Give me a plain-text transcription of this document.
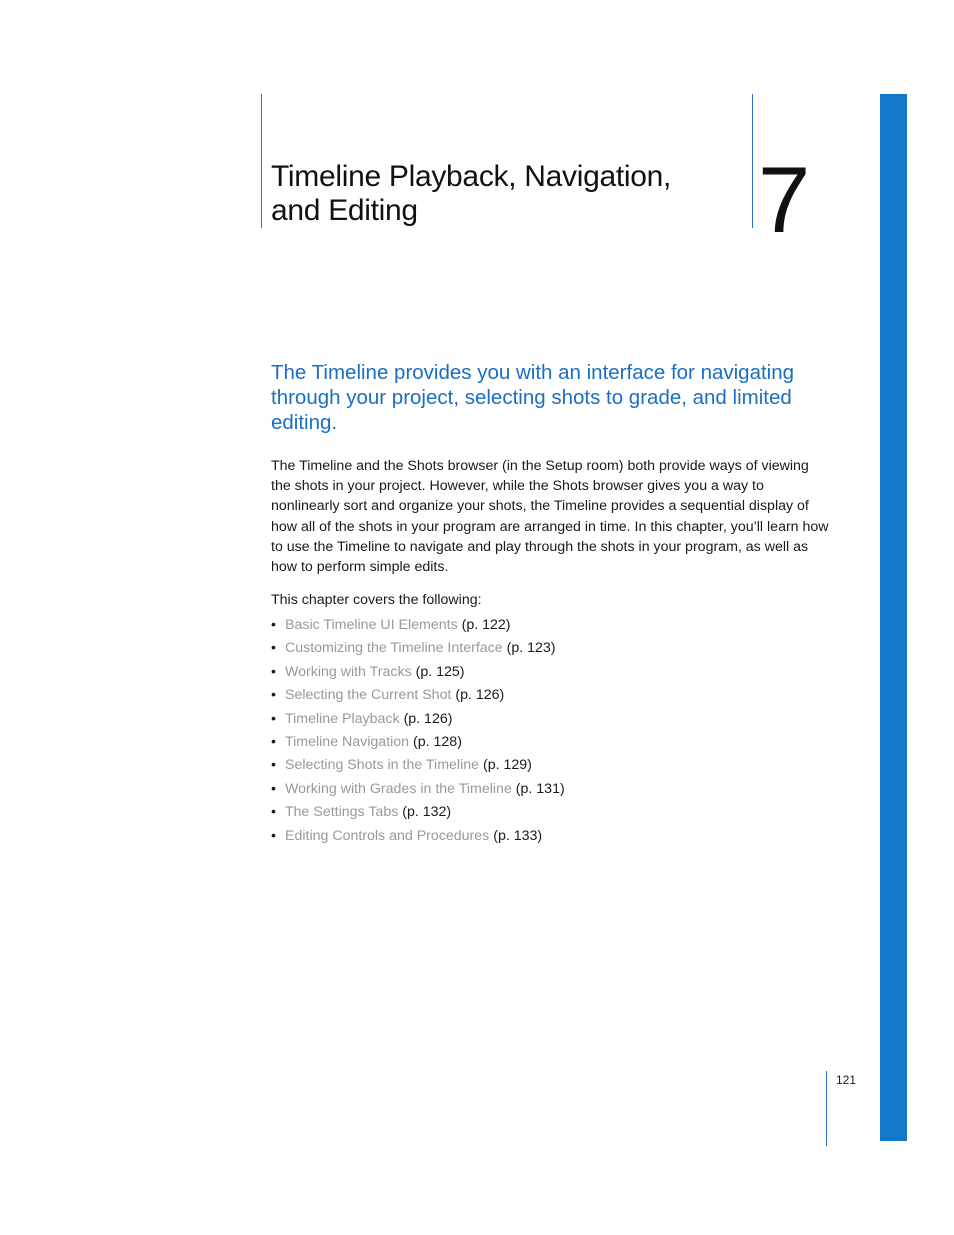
Timeline Playback, Navigation,
and Editing	7
The Timeline provides you with an interface for navigating through your project, selecting shots to grade, and limited editing.
The Timeline and the Shots browser (in the Setup room) both provide ways of viewing the shots in your project. However, while the Shots browser gives you a way to nonlinearly sort and organize your shots, the Timeline provides a sequential display of how all of the shots in your program are arranged in time. In this chapter, you’ll learn how to use the Timeline to navigate and play through the shots in your program, as well as how to perform simple edits.
This chapter covers the following:
• Basic Timeline UI Elements (p. 122)
• Customizing the Timeline Interface (p. 123)
• Working with Tracks (p. 125)
• Selecting the Current Shot (p. 126)
• Timeline Playback (p. 126)
• Timeline Navigation (p. 128)
• Selecting Shots in the Timeline (p. 129)
• Working with Grades in the Timeline (p. 131)
• The Settings Tabs (p. 132)
• Editing Controls and Procedures (p. 133)
121
